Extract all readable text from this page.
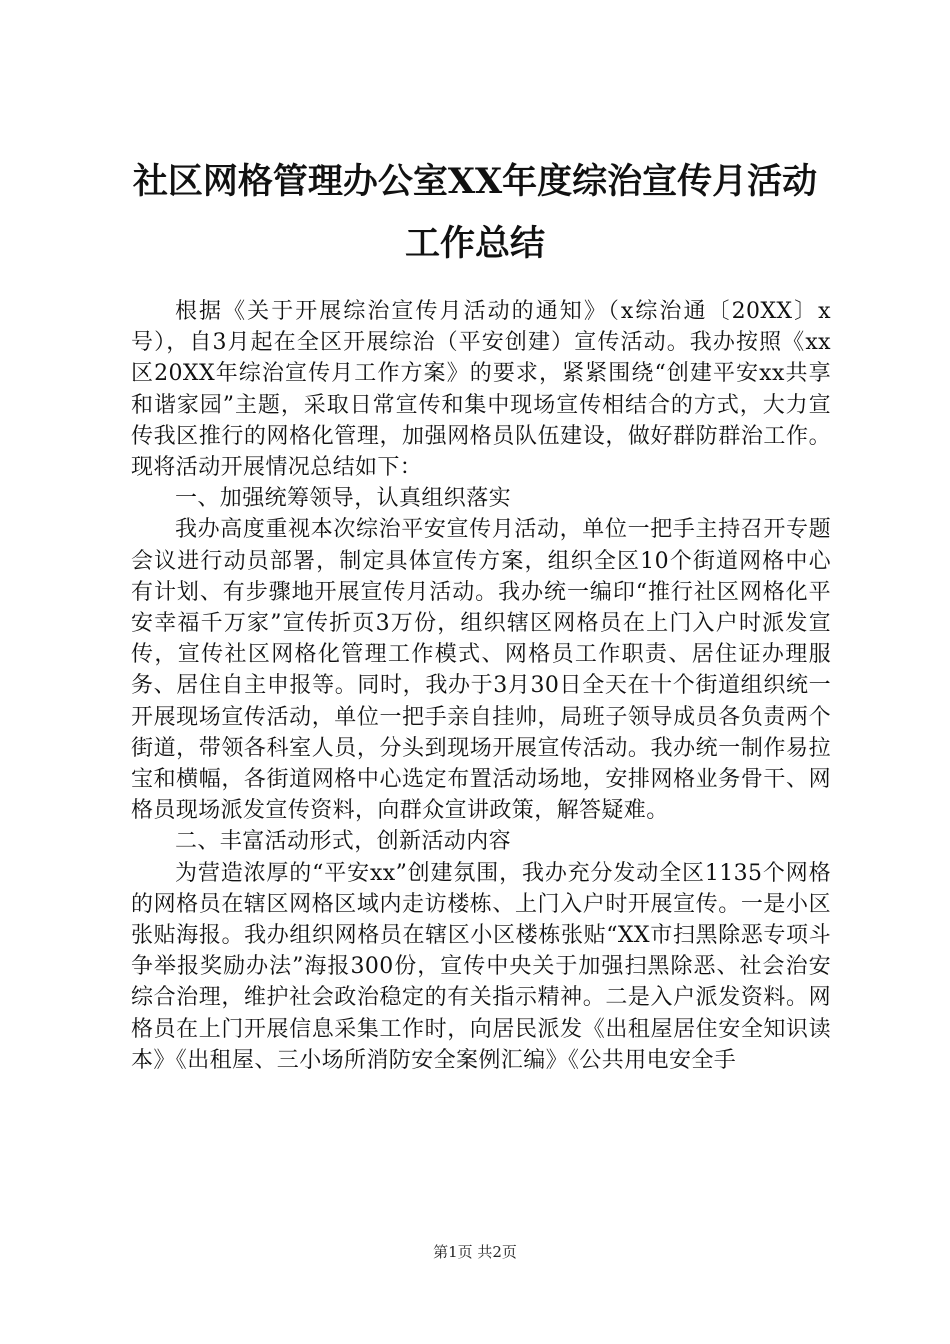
社区网格管理办公室XX年度综治宣传月活动
工作总结

根据《关于开展综治宣传月活动的通知》（x综治通〔20XX〕x号），自3月起在全区开展综治（平安创建）宣传活动。我办按照《xx区20XX年综治宣传月工作方案》的要求，紧紧围绕“创建平安xx共享和谐家园”主题，采取日常宣传和集中现场宣传相结合的方式，大力宣传我区推行的网格化管理，加强网格员队伍建设，做好群防群治工作。现将活动开展情况总结如下：

一、加强统筹领导，认真组织落实

我办高度重视本次综治平安宣传月活动，单位一把手主持召开专题会议进行动员部署，制定具体宣传方案，组织全区10个街道网格中心有计划、有步骤地开展宣传月活动。我办统一编印“推行社区网格化平安幸福千万家”宣传折页3万份，组织辖区网格员在上门入户时派发宣传，宣传社区网格化管理工作模式、网格员工作职责、居住证办理服务、居住自主申报等。同时，我办于3月30日全天在十个街道组织统一开展现场宣传活动，单位一把手亲自挂帅，局班子领导成员各负责两个街道，带领各科室人员，分头到现场开展宣传活动。我办统一制作易拉宝和横幅，各街道网格中心选定布置活动场地，安排网格业务骨干、网格员现场派发宣传资料，向群众宣讲政策，解答疑难。

二、丰富活动形式，创新活动内容

为营造浓厚的“平安xx”创建氛围，我办充分发动全区1135个网格的网格员在辖区网格区域内走访楼栋、上门入户时开展宣传。一是小区张贴海报。我办组织网格员在辖区小区楼栋张贴“XX市扫黑除恶专项斗争举报奖励办法”海报300份，宣传中央关于加强扫黑除恶、社会治安综合治理，维护社会政治稳定的有关指示精神。二是入户派发资料。网格员在上门开展信息采集工作时，向居民派发《出租屋居住安全知识读本》《出租屋、三小场所消防安全案例汇编》《公共用电安全手

第1页 共2页
